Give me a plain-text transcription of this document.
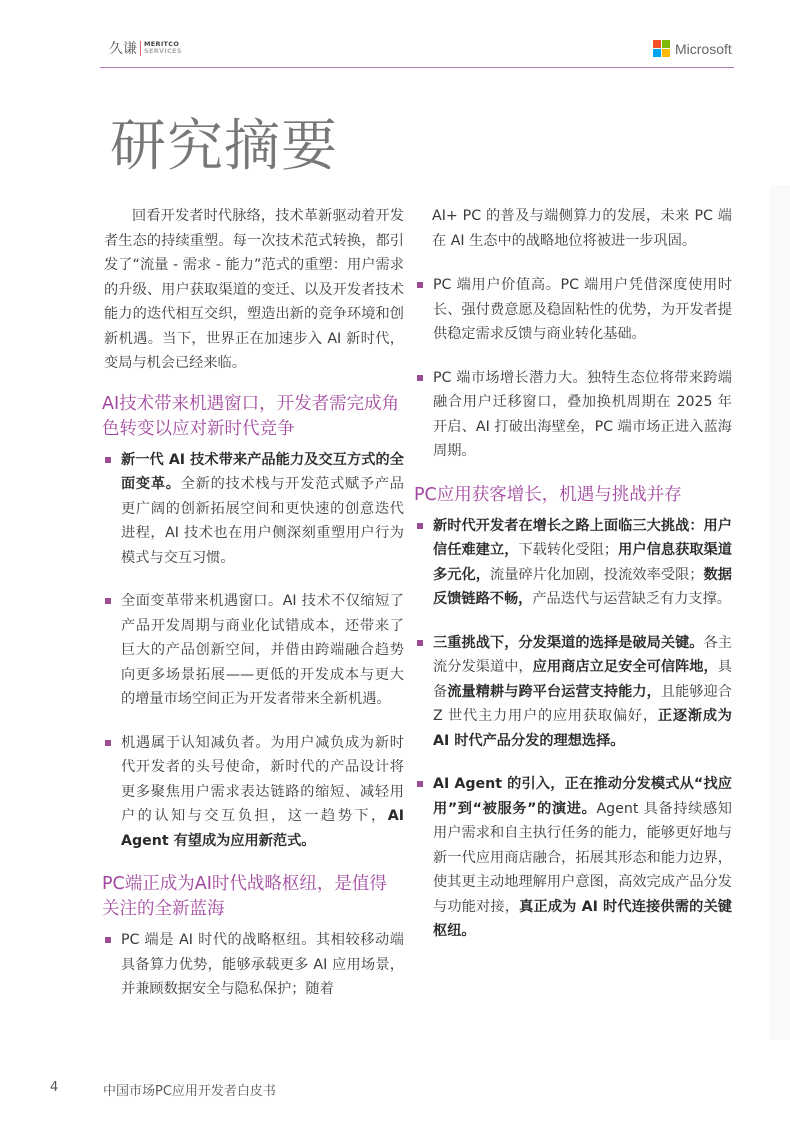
久谦 MERITCO
SERVICES	Microsoft
研究摘要

回看开发者时代脉络，技术革新驱动着开发者生态的持续重塑。每一次技术范式转换，都引发了“流量 - 需求 - 能力”范式的重塑：用户需求的升级、用户获取渠道的变迁、以及开发者技术能力的迭代相互交织，塑造出新的竞争环境和创新机遇。当下，世界正在加速步入 AI 新时代，变局与机会已经来临。

AI技术带来机遇窗口，开发者需完成角色转变以应对新时代竞争
新一代 AI 技术带来产品能力及交互方式的全面变革。全新的技术栈与开发范式赋予产品更广阔的创新拓展空间和更快速的创意迭代进程，AI 技术也在用户侧深刻重塑用户行为模式与交互习惯。
全面变革带来机遇窗口。AI 技术不仅缩短了产品开发周期与商业化试错成本，还带来了巨大的产品创新空间，并借由跨端融合趋势向更多场景拓展——更低的开发成本与更大的增量市场空间正为开发者带来全新机遇。
机遇属于认知减负者。为用户减负成为新时代开发者的头号使命，新时代的产品设计将更多聚焦用户需求表达链路的缩短、减轻用户的认知与交互负担，这一趋势下，AI Agent 有望成为应用新范式。
PC端正成为AI时代战略枢纽，是值得关注的全新蓝海
PC 端是 AI 时代的战略枢纽。其相较移动端具备算力优势，能够承载更多 AI 应用场景，并兼顾数据安全与隐私保护；随着
AI+ PC 的普及与端侧算力的发展，未来 PC 端在 AI 生态中的战略地位将被进一步巩固。
PC 端用户价值高。PC 端用户凭借深度使用时长、强付费意愿及稳固粘性的优势，为开发者提供稳定需求反馈与商业转化基础。
PC 端市场增长潜力大。独特生态位将带来跨端融合用户迁移窗口，叠加换机周期在 2025 年开启、AI 打破出海壁垒，PC 端市场正进入蓝海周期。
PC应用获客增长，机遇与挑战并存
新时代开发者在增长之路上面临三大挑战：用户信任难建立，下载转化受阻；用户信息获取渠道多元化，流量碎片化加剧，投流效率受限；数据反馈链路不畅，产品迭代与运营缺乏有力支撑。
三重挑战下，分发渠道的选择是破局关键。各主流分发渠道中，应用商店立足安全可信阵地，具备流量精耕与跨平台运营支持能力，且能够迎合 Z 世代主力用户的应用获取偏好，正逐渐成为 AI 时代产品分发的理想选择。
AI Agent 的引入，正在推动分发模式从“找应用”到“被服务”的演进。Agent 具备持续感知用户需求和自主执行任务的能力，能够更好地与新一代应用商店融合，拓展其形态和能力边界，使其更主动地理解用户意图，高效完成产品分发与功能对接，真正成为 AI 时代连接供需的关键枢纽。
4	中国市场PC应用开发者白皮书
